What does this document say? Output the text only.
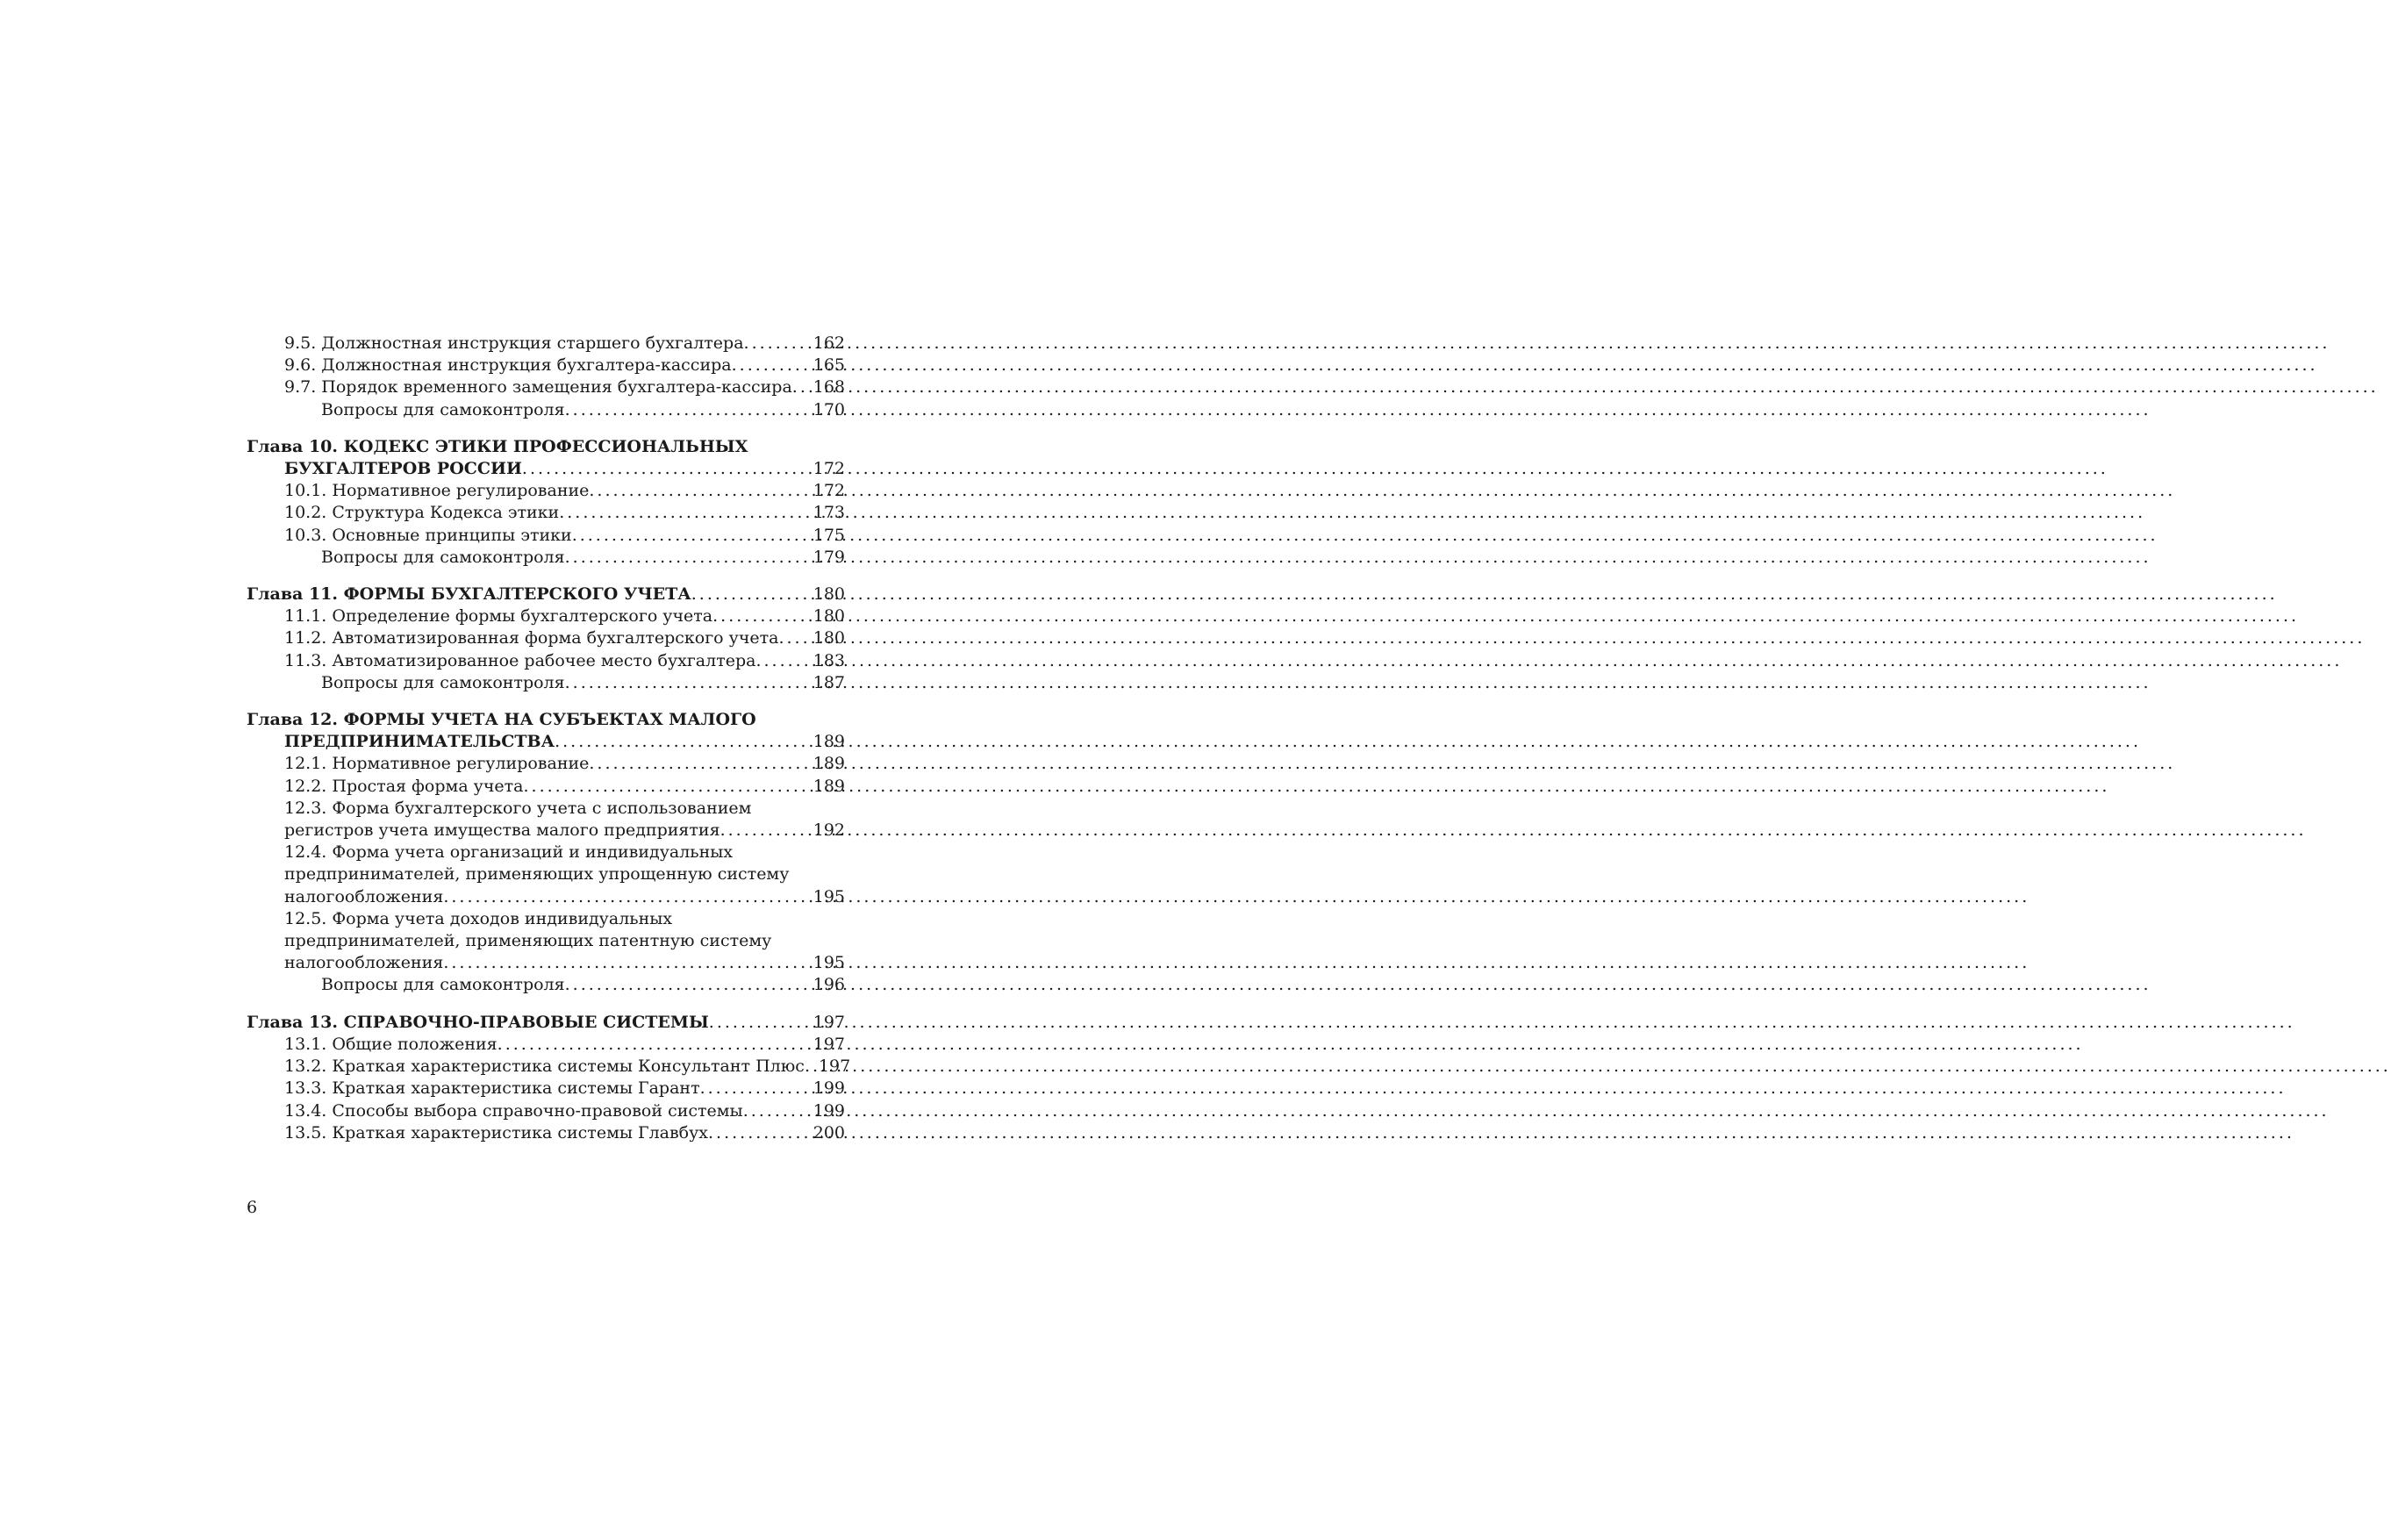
9.5. Должностная инструкция старшего бухгалтера .....	162
9.6. Должностная инструкция бухгалтера-кассира .....	165
9.7. Порядок временного замещения бухгалтера-кассира ..... 168
Вопросы для самоконтроля .....	170
Глава 10. КОДЕКС ЭТИКИ ПРОФЕССИОНАЛЬНЫХ
БУХГАЛТЕРОВ РОССИИ .....	172
10.1. Нормативное регулирование .....	172
10.2. Структура Кодекса этики .....	173
10.3. Основные принципы этики .....	175
Вопросы для самоконтроля .....	179
Глава 11. ФОРМЫ БУХГАЛТЕРСКОГО УЧЕТА .....	180
11.1. Определение формы бухгалтерского учета .....	180
11.2. Автоматизированная форма бухгалтерского учета ..... 180
11.3. Автоматизированное рабочее место бухгалтера .....	183
Вопросы для самоконтроля .....	187
Глава 12. ФОРМЫ УЧЕТА НА СУБЪЕКТАХ МАЛОГО
ПРЕДПРИНИМАТЕЛЬСТВА .....	189
12.1. Нормативное регулирование .....	189
12.2. Простая форма учета .....	189
12.3. Форма бухгалтерского учета с использованием
регистров учета имущества малого предприятия .....	192
12.4. Форма учета организаций и индивидуальных
предпринимателей, применяющих упрощенную систему
налогообложения .....	195
12.5. Форма учета доходов индивидуальных
предпринимателей, применяющих патентную систему
налогообложения .....	195
Вопросы для самоконтроля .....	196
Глава 13. СПРАВОЧНО-ПРАВОВЫЕ СИСТЕМЫ .....	197
13.1. Общие положения .....	197
13.2. Краткая характеристика системы Консультант Плюс ..... 197
13.3. Краткая характеристика системы Гарант .....	199
13.4. Способы выбора справочно-правовой системы .....	199
13.5. Краткая характеристика системы Главбух .....	200
6
